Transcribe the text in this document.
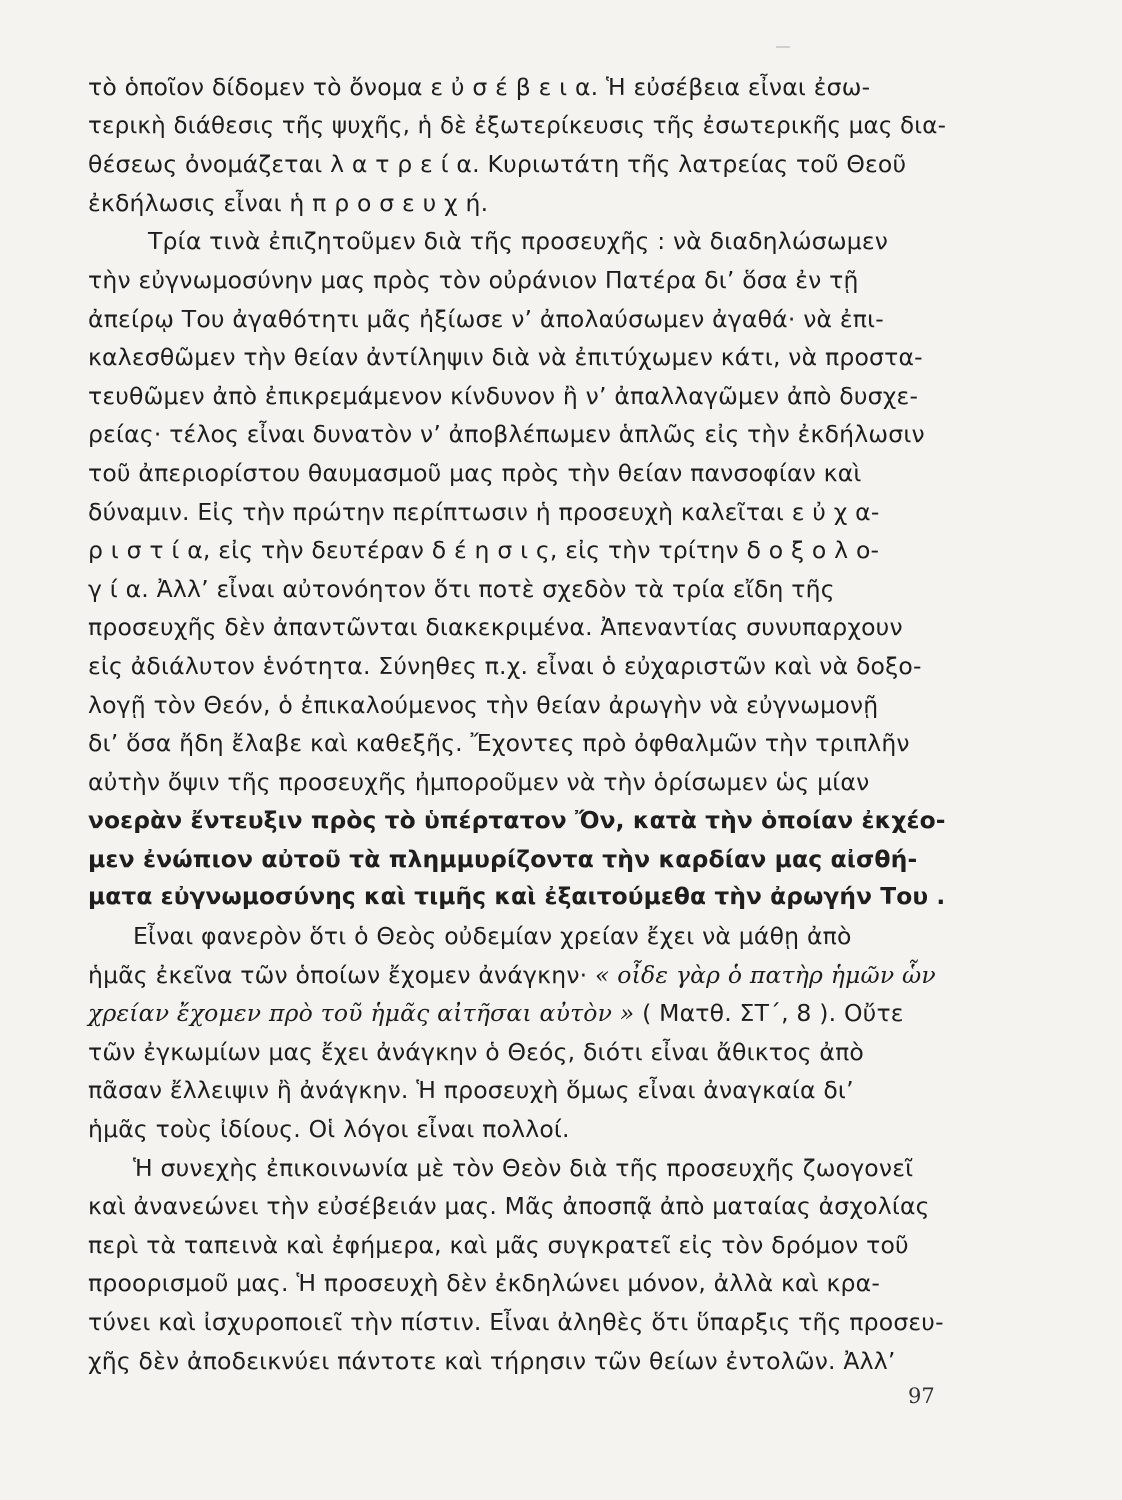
τὸ ὁποῖον δίδομεν τὸ ὄνομα ε ὐ σ έ β ε ι α. Ἡ εὐσέβεια εἶναι ἐσω-
τερικὴ διάθεσις τῆς ψυχῆς, ἡ δὲ ἐξωτερίκευσις τῆς ἐσωτερικῆς μας δια-
θέσεως ὀνομάζεται λ α τ ρ ε ί α. Κυριωτάτη τῆς λατρείας τοῦ Θεοῦ
ἐκδήλωσις εἶναι ἡ π ρ ο σ ε υ χ ή.
Τρία τινὰ ἐπιζητοῦμεν διὰ τῆς προσευχῆς : νὰ διαδηλώσωμεν
τὴν εὐγνωμοσύνην μας πρὸς τὸν οὐράνιον Πατέρα δι’ ὅσα ἐν τῇ
ἀπείρῳ Του ἀγαθότητι μᾶς ἠξίωσε ν’ ἀπολαύσωμεν ἀγαθά· νὰ ἐπι-
καλεσθῶμεν τὴν θείαν ἀντίληψιν διὰ νὰ ἐπιτύχωμεν κάτι, νὰ προστα-
τευθῶμεν ἀπὸ ἐπικρεμάμενον κίνδυνον ἢ ν’ ἀπαλλαγῶμεν ἀπὸ δυσχε-
ρείας· τέλος εἶναι δυνατὸν ν’ ἀποβλέπωμεν ἁπλῶς εἰς τὴν ἐκδήλωσιν
τοῦ ἀπεριορίστου θαυμασμοῦ μας πρὸς τὴν θείαν πανσοφίαν καὶ
δύναμιν. Εἰς τὴν πρώτην περίπτωσιν ἡ προσευχὴ καλεῖται ε ὐ χ α-
ρ ι σ τ ί α, εἰς τὴν δευτέραν δ έ η σ ι ς, εἰς τὴν τρίτην δ ο ξ ο λ ο-
γ ί α. Ἀλλ’ εἶναι αὐτονόητον ὅτι ποτὲ σχεδὸν τὰ τρία εἴδη τῆς
προσευχῆς δὲν ἀπαντῶνται διακεκριμένα. Ἀπεναντίας συνυπαρχουν
εἰς ἀδιάλυτον ἑνότητα. Σύνηθες π.χ. εἶναι ὁ εὐχαριστῶν καὶ νὰ δοξο-
λογῇ τὸν Θεόν, ὁ ἐπικαλούμενος τὴν θείαν ἀρωγὴν νὰ εὐγνωμονῇ
δι’ ὅσα ἤδη ἔλαβε καὶ καθεξῆς. Ἔχοντες πρὸ ὀφθαλμῶν τὴν τριπλῆν
αὐτὴν ὄψιν τῆς προσευχῆς ἠμποροῦμεν νὰ τὴν ὁρίσωμεν ὡς μίαν
νοερὰν ἔντευξιν πρὸς τὸ ὑπέρτατον Ὄν, κατὰ τὴν ὁποίαν ἐκχέο-
μεν ἐνώπιον αὐτοῦ τὰ πλημμυρίζοντα τὴν καρδίαν μας αἰσθή-
ματα εὐγνωμοσύνης καὶ τιμῆς καὶ ἐξαιτούμεθα τὴν ἀρωγήν Του .
Εἶναι φανερὸν ὅτι ὁ Θεὸς οὐδεμίαν χρείαν ἔχει νὰ μάθῃ ἀπὸ
ἡμᾶς ἐκεῖνα τῶν ὁποίων ἔχομεν ἀνάγκην· « οἶδε γὰρ ὁ πατὴρ ἡμῶν ὧν
χρείαν ἔχομεν πρὸ τοῦ ἡμᾶς αἰτῆσαι αὐτὸν » ( Ματθ. ΣΤ΄, 8 ). Οὔτε
τῶν ἐγκωμίων μας ἔχει ἀνάγκην ὁ Θεός, διότι εἶναι ἄθικτος ἀπὸ
πᾶσαν ἔλλειψιν ἢ ἀνάγκην. Ἡ προσευχὴ ὅμως εἶναι ἀναγκαία δι’
ἡμᾶς τοὺς ἰδίους. Οἱ λόγοι εἶναι πολλοί.
Ἡ συνεχὴς ἐπικοινωνία μὲ τὸν Θεὸν διὰ τῆς προσευχῆς ζωογονεῖ
καὶ ἀνανεώνει τὴν εὐσέβειάν μας. Μᾶς ἀποσπᾷ ἀπὸ ματαίας ἀσχολίας
περὶ τὰ ταπεινὰ καὶ ἐφήμερα, καὶ μᾶς συγκρατεῖ εἰς τὸν δρόμον τοῦ
προορισμοῦ μας. Ἡ προσευχὴ δὲν ἐκδηλώνει μόνον, ἀλλὰ καὶ κρα-
τύνει καὶ ἰσχυροποιεῖ τὴν πίστιν. Εἶναι ἀληθὲς ὅτι ὕπαρξις τῆς προσευ-
χῆς δὲν ἀποδεικνύει πάντοτε καὶ τήρησιν τῶν θείων ἐντολῶν. Ἀλλ’
97
